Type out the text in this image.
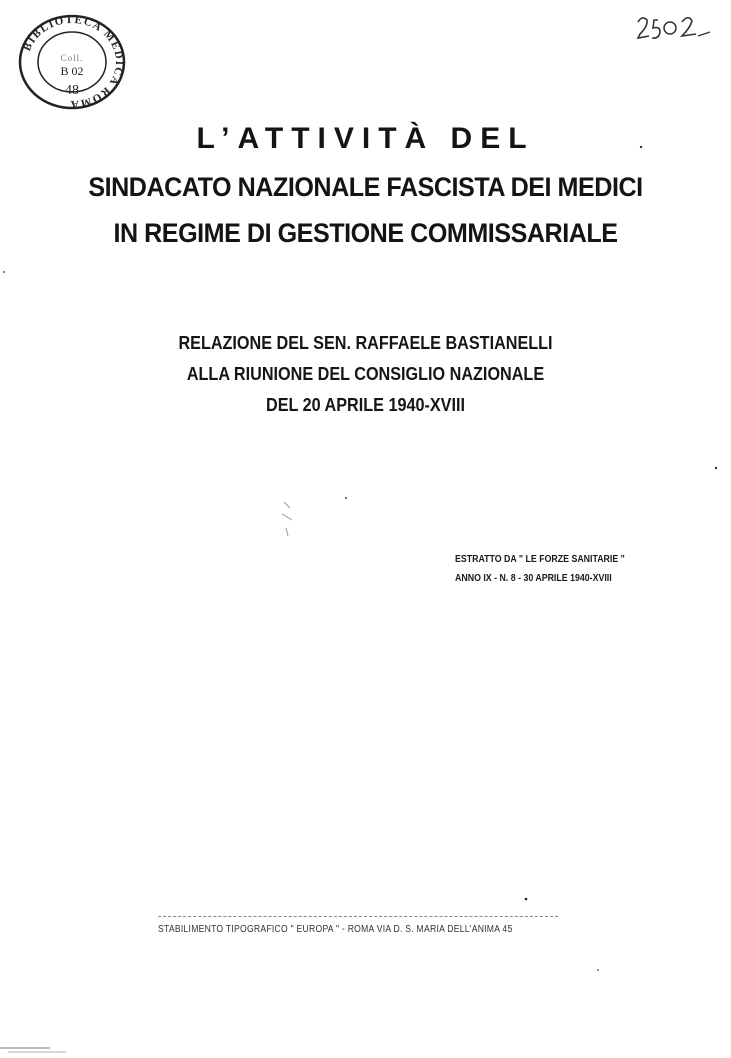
BIBLIOTECA MEDICA ROMA
Coll.
B 02
48
L’ATTIVITÀ DEL
SINDACATO NAZIONALE FASCISTA DEI MEDICI
IN REGIME DI GESTIONE COMMISSARIALE
RELAZIONE DEL SEN. RAFFAELE BASTIANELLI
ALLA RIUNIONE DEL CONSIGLIO NAZIONALE
DEL 20 APRILE 1940-XVIII
ESTRATTO DA " LE FORZE SANITARIE "
ANNO IX - N. 8 - 30 APRILE 1940-XVIII
STABILIMENTO TIPOGRAFICO " EUROPA " - ROMA VIA D. S. MARIA DELL'ANIMA 45
